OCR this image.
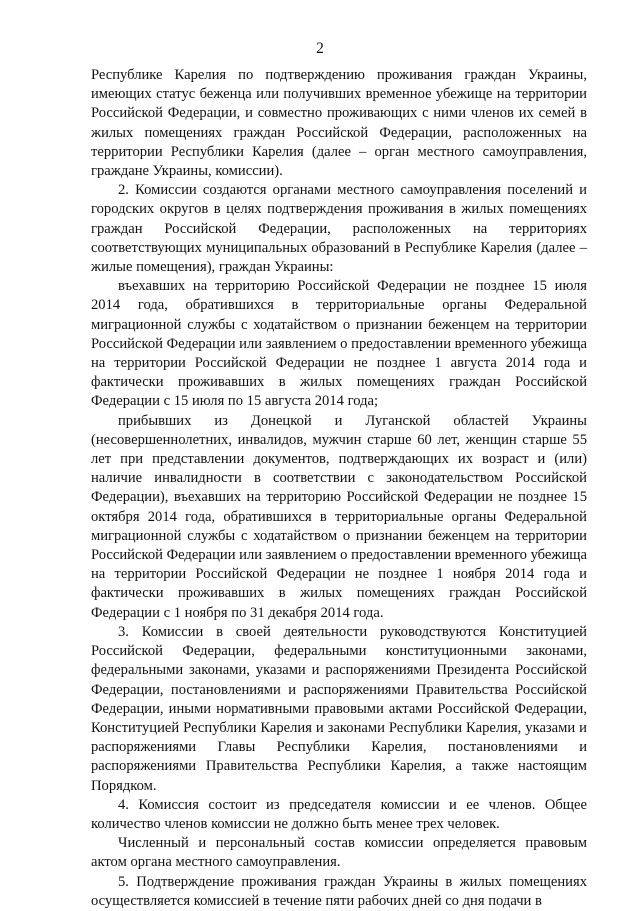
2

Республике Карелия по подтверждению проживания граждан Украины, имеющих статус беженца или получивших временное убежище на территории Российской Федерации, и совместно проживающих с ними членов их семей в жилых помещениях граждан Российской Федерации, расположенных на территории Республики Карелия (далее – орган местного самоуправления, граждане Украины, комиссии).

2. Комиссии создаются органами местного самоуправления поселений и городских округов в целях подтверждения проживания в жилых помещениях граждан Российской Федерации, расположенных на территориях соответствующих муниципальных образований в Республике Карелия (далее – жилые помещения), граждан Украины:

въехавших на территорию Российской Федерации не позднее 15 июля 2014 года, обратившихся в территориальные органы Федеральной миграционной службы с ходатайством о признании беженцем на территории Российской Федерации или заявлением о предоставлении временного убежища на территории Российской Федерации не позднее 1 августа 2014 года и фактически проживавших в жилых помещениях граждан Российской Федерации с 15 июля по 15 августа 2014 года;

прибывших из Донецкой и Луганской областей Украины (несовершеннолетних, инвалидов, мужчин старше 60 лет, женщин старше 55 лет при представлении документов, подтверждающих их возраст и (или) наличие инвалидности в соответствии с законодательством Российской Федерации), въехавших на территорию Российской Федерации не позднее 15 октября 2014 года, обратившихся в территориальные органы Федеральной миграционной службы с ходатайством о признании беженцем на территории Российской Федерации или заявлением о предоставлении временного убежища на территории Российской Федерации не позднее 1 ноября 2014 года и фактически проживавших в жилых помещениях граждан Российской Федерации с 1 ноября по 31 декабря 2014 года.

3. Комиссии в своей деятельности руководствуются Конституцией Российской Федерации, федеральными конституционными законами, федеральными законами, указами и распоряжениями Президента Российской Федерации, постановлениями и распоряжениями Правительства Российской Федерации, иными нормативными правовыми актами Российской Федерации, Конституцией Республики Карелия и законами Республики Карелия, указами и распоряжениями Главы Республики Карелия, постановлениями и распоряжениями Правительства Республики Карелия, а также настоящим Порядком.

4. Комиссия состоит из председателя комиссии и ее членов. Общее количество членов комиссии не должно быть менее трех человек.

Численный и персональный состав комиссии определяется правовым актом органа местного самоуправления.

5. Подтверждение проживания граждан Украины в жилых помещениях осуществляется комиссией в течение пяти рабочих дней со дня подачи в
